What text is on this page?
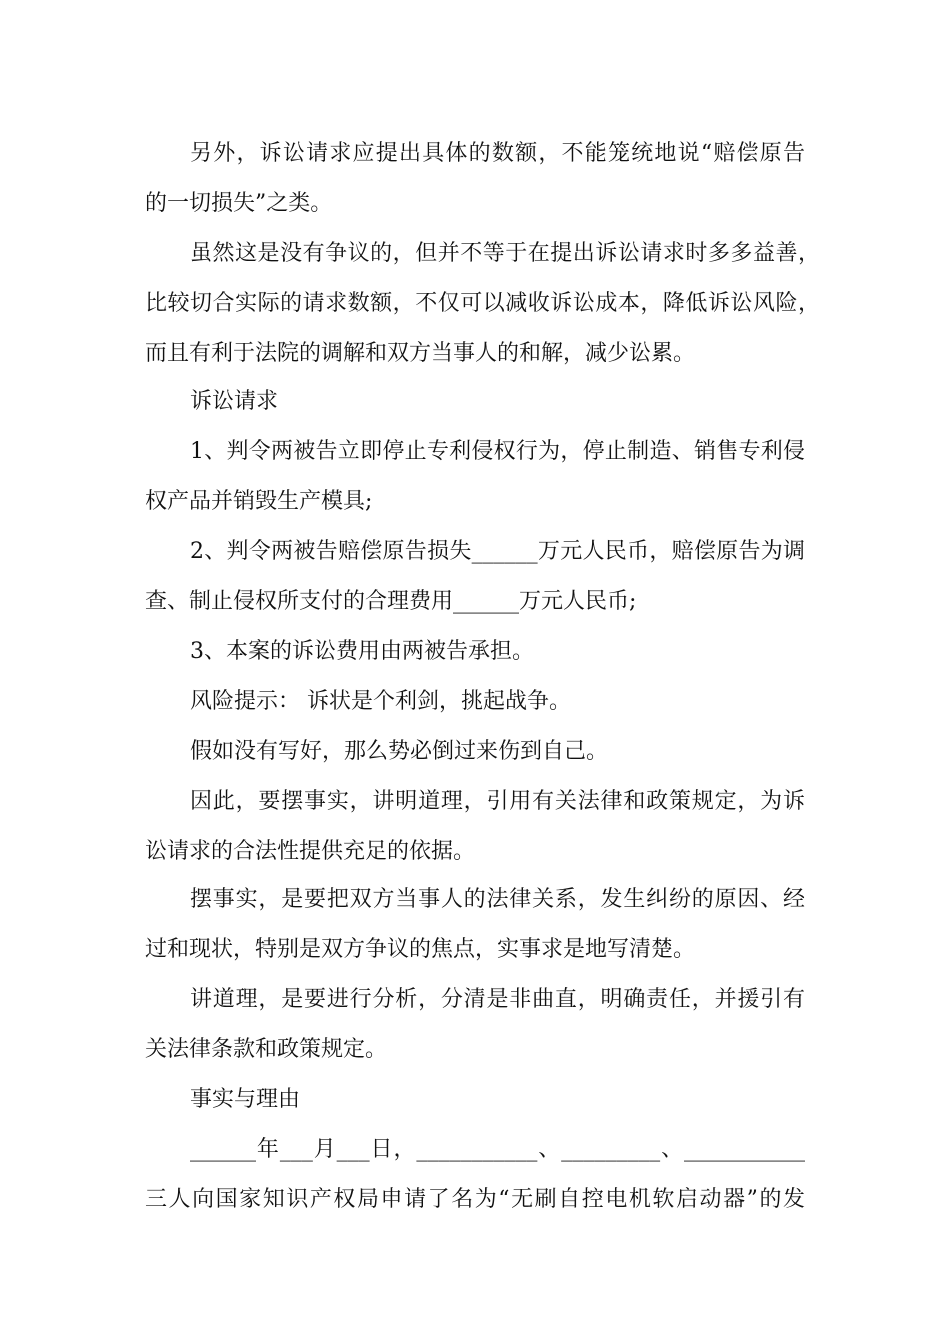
另外，诉讼请求应提出具体的数额，不能笼统地说“赔偿原告
的一切损失”之类。
虽然这是没有争议的，但并不等于在提出诉讼请求时多多益善，
比较切合实际的请求数额，不仅可以减收诉讼成本，降低诉讼风险，
而且有利于法院的调解和双方当事人的和解，减少讼累。
诉讼请求
1、判令两被告立即停止专利侵权行为，停止制造、销售专利侵
权产品并销毁生产模具;
2、判令两被告赔偿原告损失______万元人民币，赔偿原告为调
查、制止侵权所支付的合理费用______万元人民币;
3、本案的诉讼费用由两被告承担。
风险提示： 诉状是个利剑，挑起战争。
假如没有写好，那么势必倒过来伤到自己。
因此，要摆事实，讲明道理，引用有关法律和政策规定，为诉
讼请求的合法性提供充足的依据。
摆事实，是要把双方当事人的法律关系，发生纠纷的原因、经
过和现状，特别是双方争议的焦点，实事求是地写清楚。
讲道理，是要进行分析，分清是非曲直，明确责任，并援引有
关法律条款和政策规定。
事实与理由
______年___月___日，___________、_________、___________
三人向国家知识产权局申请了名为“无刷自控电机软启动器”的发
